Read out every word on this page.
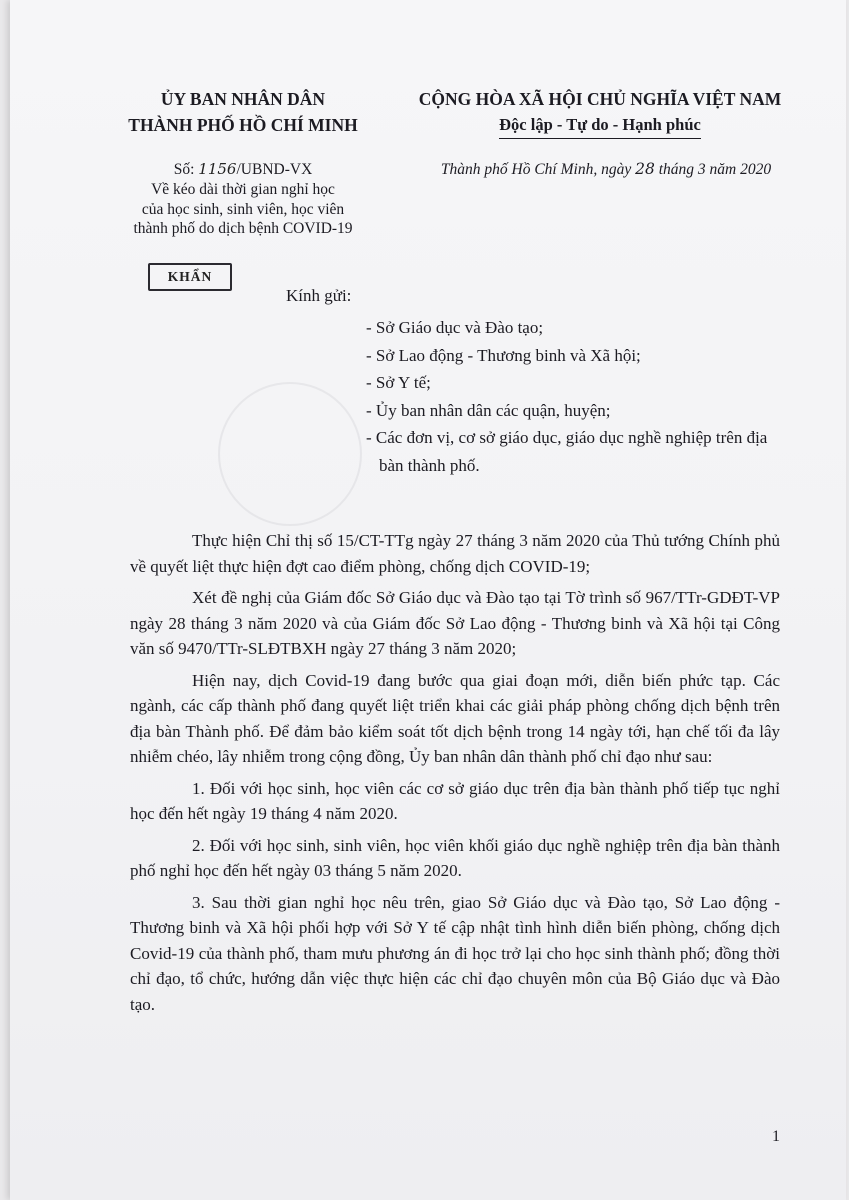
ỦY BAN NHÂN DÂN
THÀNH PHỐ HỒ CHÍ MINH
CỘNG HÒA XÃ HỘI CHỦ NGHĨA VIỆT NAM
Độc lập - Tự do - Hạnh phúc
Số: 1156/UBND-VX
Về kéo dài thời gian nghỉ học
của học sinh, sinh viên, học viên
thành phố do dịch bệnh COVID-19
Thành phố Hồ Chí Minh, ngày 28 tháng 3 năm 2020
KHẨN
Kính gửi:
- Sở Giáo dục và Đào tạo;
- Sở Lao động - Thương binh và Xã hội;
- Sở Y tế;
- Ủy ban nhân dân các quận, huyện;
- Các đơn vị, cơ sở giáo dục, giáo dục nghề nghiệp trên địa bàn thành phố.

Thực hiện Chỉ thị số 15/CT-TTg ngày 27 tháng 3 năm 2020 của Thủ tướng Chính phủ về quyết liệt thực hiện đợt cao điểm phòng, chống dịch COVID-19;

Xét đề nghị của Giám đốc Sở Giáo dục và Đào tạo tại Tờ trình số 967/TTr-GDĐT-VP ngày 28 tháng 3 năm 2020 và của Giám đốc Sở Lao động - Thương binh và Xã hội tại Công văn số 9470/TTr-SLĐTBXH ngày 27 tháng 3 năm 2020;

Hiện nay, dịch Covid-19 đang bước qua giai đoạn mới, diễn biến phức tạp. Các ngành, các cấp thành phố đang quyết liệt triển khai các giải pháp phòng chống dịch bệnh trên địa bàn Thành phố. Để đảm bảo kiểm soát tốt dịch bệnh trong 14 ngày tới, hạn chế tối đa lây nhiễm chéo, lây nhiễm trong cộng đồng, Ủy ban nhân dân thành phố chỉ đạo như sau:

1. Đối với học sinh, học viên các cơ sở giáo dục trên địa bàn thành phố tiếp tục nghỉ học đến hết ngày 19 tháng 4 năm 2020.

2. Đối với học sinh, sinh viên, học viên khối giáo dục nghề nghiệp trên địa bàn thành phố nghỉ học đến hết ngày 03 tháng 5 năm 2020.

3. Sau thời gian nghỉ học nêu trên, giao Sở Giáo dục và Đào tạo, Sở Lao động - Thương binh và Xã hội phối hợp với Sở Y tế cập nhật tình hình diễn biến phòng, chống dịch Covid-19 của thành phố, tham mưu phương án đi học trở lại cho học sinh thành phố; đồng thời chỉ đạo, tổ chức, hướng dẫn việc thực hiện các chỉ đạo chuyên môn của Bộ Giáo dục và Đào tạo.

1
